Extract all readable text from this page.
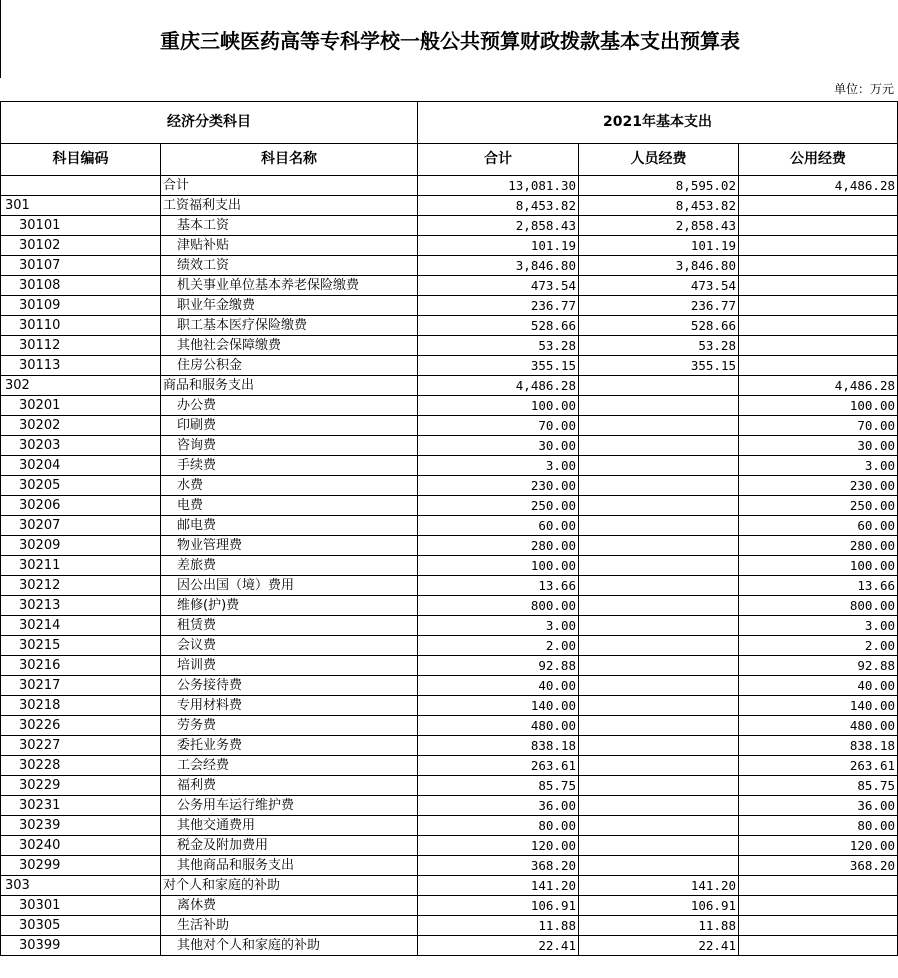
重庆三峡医药高等专科学校一般公共预算财政拨款基本支出预算表
单位：万元
经济分类科目		2021年基本支出		
科目编码	科目名称	合计	人员经费	公用经费
	合计	13,081.30	8,595.02	4,486.28
301	工资福利支出	8,453.82	8,453.82	
30101	基本工资	2,858.43	2,858.43	
30102	津贴补贴	101.19	101.19	
30107	绩效工资	3,846.80	3,846.80	
30108	机关事业单位基本养老保险缴费	473.54	473.54	
30109	职业年金缴费	236.77	236.77	
30110	职工基本医疗保险缴费	528.66	528.66	
30112	其他社会保障缴费	53.28	53.28	
30113	住房公积金	355.15	355.15	
302	商品和服务支出	4,486.28		4,486.28
30201	办公费	100.00		100.00
30202	印刷费	70.00		70.00
30203	咨询费	30.00		30.00
30204	手续费	3.00		3.00
30205	水费	230.00		230.00
30206	电费	250.00		250.00
30207	邮电费	60.00		60.00
30209	物业管理费	280.00		280.00
30211	差旅费	100.00		100.00
30212	因公出国（境）费用	13.66		13.66
30213	维修(护)费	800.00		800.00
30214	租赁费	3.00		3.00
30215	会议费	2.00		2.00
30216	培训费	92.88		92.88
30217	公务接待费	40.00		40.00
30218	专用材料费	140.00		140.00
30226	劳务费	480.00		480.00
30227	委托业务费	838.18		838.18
30228	工会经费	263.61		263.61
30229	福利费	85.75		85.75
30231	公务用车运行维护费	36.00		36.00
30239	其他交通费用	80.00		80.00
30240	税金及附加费用	120.00		120.00
30299	其他商品和服务支出	368.20		368.20
303	对个人和家庭的补助	141.20	141.20	
30301	离休费	106.91	106.91	
30305	生活补助	11.88	11.88	
30399	其他对个人和家庭的补助	22.41	22.41	
